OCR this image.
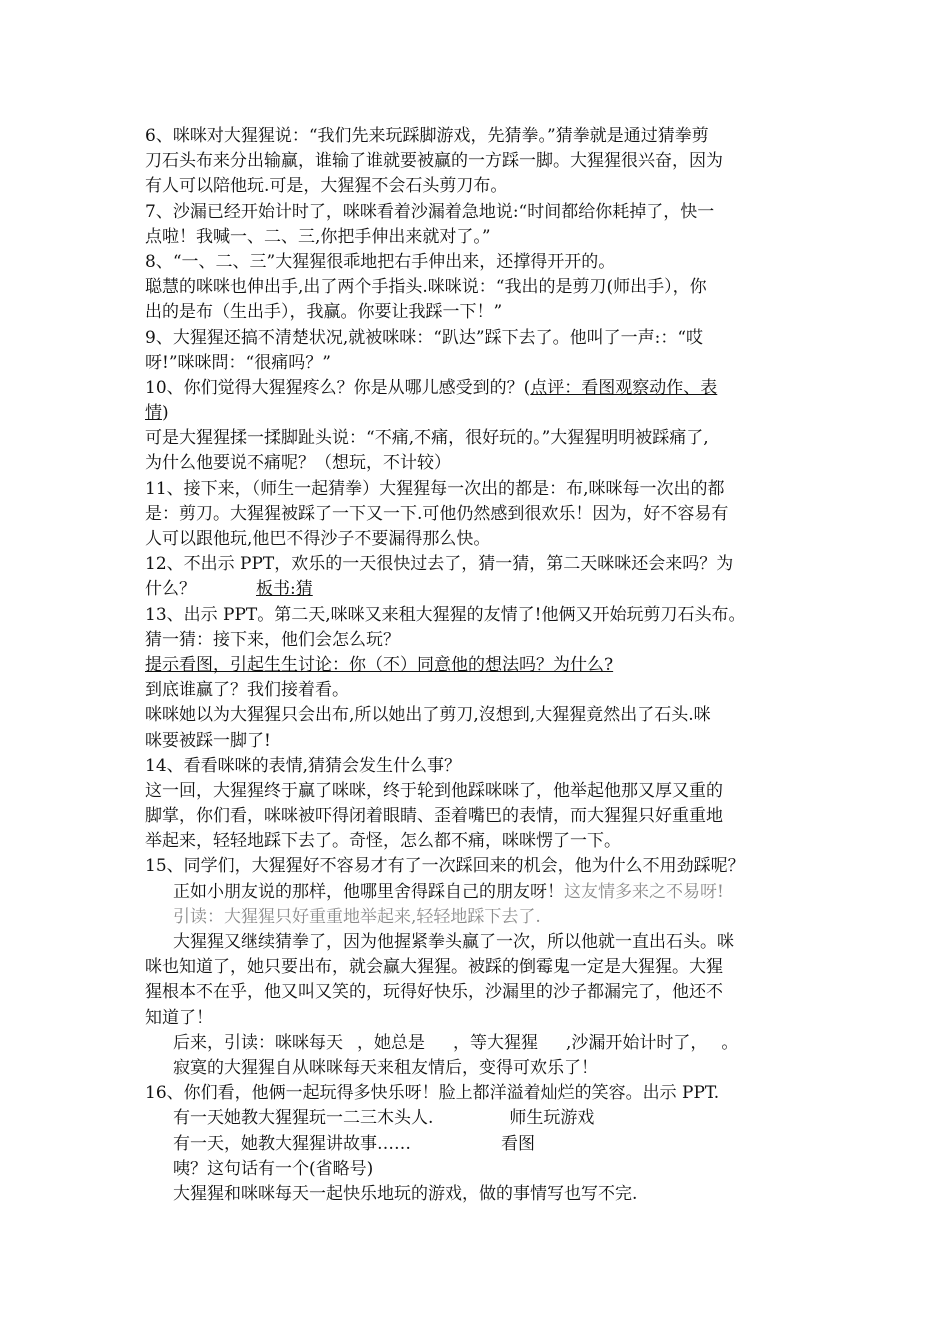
6、咪咪对大猩猩说：“我们先来玩踩脚游戏，先猜拳。”猜拳就是通过猜拳剪
刀石头布来分出输赢，谁输了谁就要被赢的一方踩一脚。大猩猩很兴奋，因为
有人可以陪他玩.可是，大猩猩不会石头剪刀布。
7、沙漏已经开始计时了，咪咪看着沙漏着急地说:“时间都给你耗掉了，快一
点啦！我喊一、二、三,你把手伸出来就对了。”
8、“一、二、三”大猩猩很乖地把右手伸出来，还撑得开开的。
聪慧的咪咪也伸出手,出了两个手指头.咪咪说：“我出的是剪刀(师出手），你
出的是布（生出手），我赢。你要让我踩一下！”
9、大猩猩还搞不清楚状况,就被咪咪：“趴达”踩下去了。他叫了一声:：“哎
呀!”咪咪問：“很痛吗？”
10、你们觉得大猩猩疼么？你是从哪儿感受到的？(点评：看图观察动作、表
情)
可是大猩猩揉一揉脚趾头说：“不痛,不痛，很好玩的。”大猩猩明明被踩痛了,
为什么他要说不痛呢？（想玩，不计较）
11、接下来，（师生一起猜拳）大猩猩每一次出的都是：布,咪咪每一次出的都
是：剪刀。大猩猩被踩了一下又一下.可他仍然感到很欢乐！因为，好不容易有
人可以跟他玩,他巴不得沙子不要漏得那么快。
12、不出示 PPT，欢乐的一天很快过去了，猜一猜，第二天咪咪还会来吗？为
什么？	板书:猜
13、出示 PPT。第二天,咪咪又来租大猩猩的友情了!他俩又开始玩剪刀石头布。
猜一猜：接下来，他们会怎么玩？
提示看图，引起生生讨论：你（不）同意他的想法吗？为什么?
到底谁赢了？我们接着看。
咪咪她以为大猩猩只会出布,所以她出了剪刀,沒想到,大猩猩竟然出了石头.咪
咪要被踩一脚了!
14、看看咪咪的表情,猜猜会发生什么事？
这一回，大猩猩终于赢了咪咪，终于轮到他踩咪咪了，他举起他那又厚又重的
脚掌，你们看，咪咪被吓得闭着眼睛、歪着嘴巴的表情，而大猩猩只好重重地
举起来，轻轻地踩下去了。奇怪，怎么都不痛，咪咪愣了一下。
15、同学们，大猩猩好不容易才有了一次踩回来的机会，他为什么不用劲踩呢？
正如小朋友说的那样，他哪里舍得踩自己的朋友呀！这友情多来之不易呀!
引读：大猩猩只好重重地举起来,轻轻地踩下去了.
大猩猩又继续猜拳了，因为他握紧拳头赢了一次，所以他就一直出石头。咪
咪也知道了，她只要出布，就会赢大猩猩。被踩的倒霉鬼一定是大猩猩。大猩
猩根本不在乎，他又叫又笑的，玩得好快乐，沙漏里的沙子都漏完了，他还不
知道了！
后来，引读：咪咪每天 ，她总是 ，等大猩猩 ,沙漏开始计时了， 。
寂寞的大猩猩自从咪咪每天来租友情后，变得可欢乐了！
16、你们看，他俩一起玩得多快乐呀！脸上都洋溢着灿烂的笑容。出示 PPT.
有一天她教大猩猩玩一二三木头人.	师生玩游戏
有一天，她教大猩猩讲故事……	看图
咦？这句话有一个(省略号)
大猩猩和咪咪每天一起快乐地玩的游戏，做的事情写也写不完.
